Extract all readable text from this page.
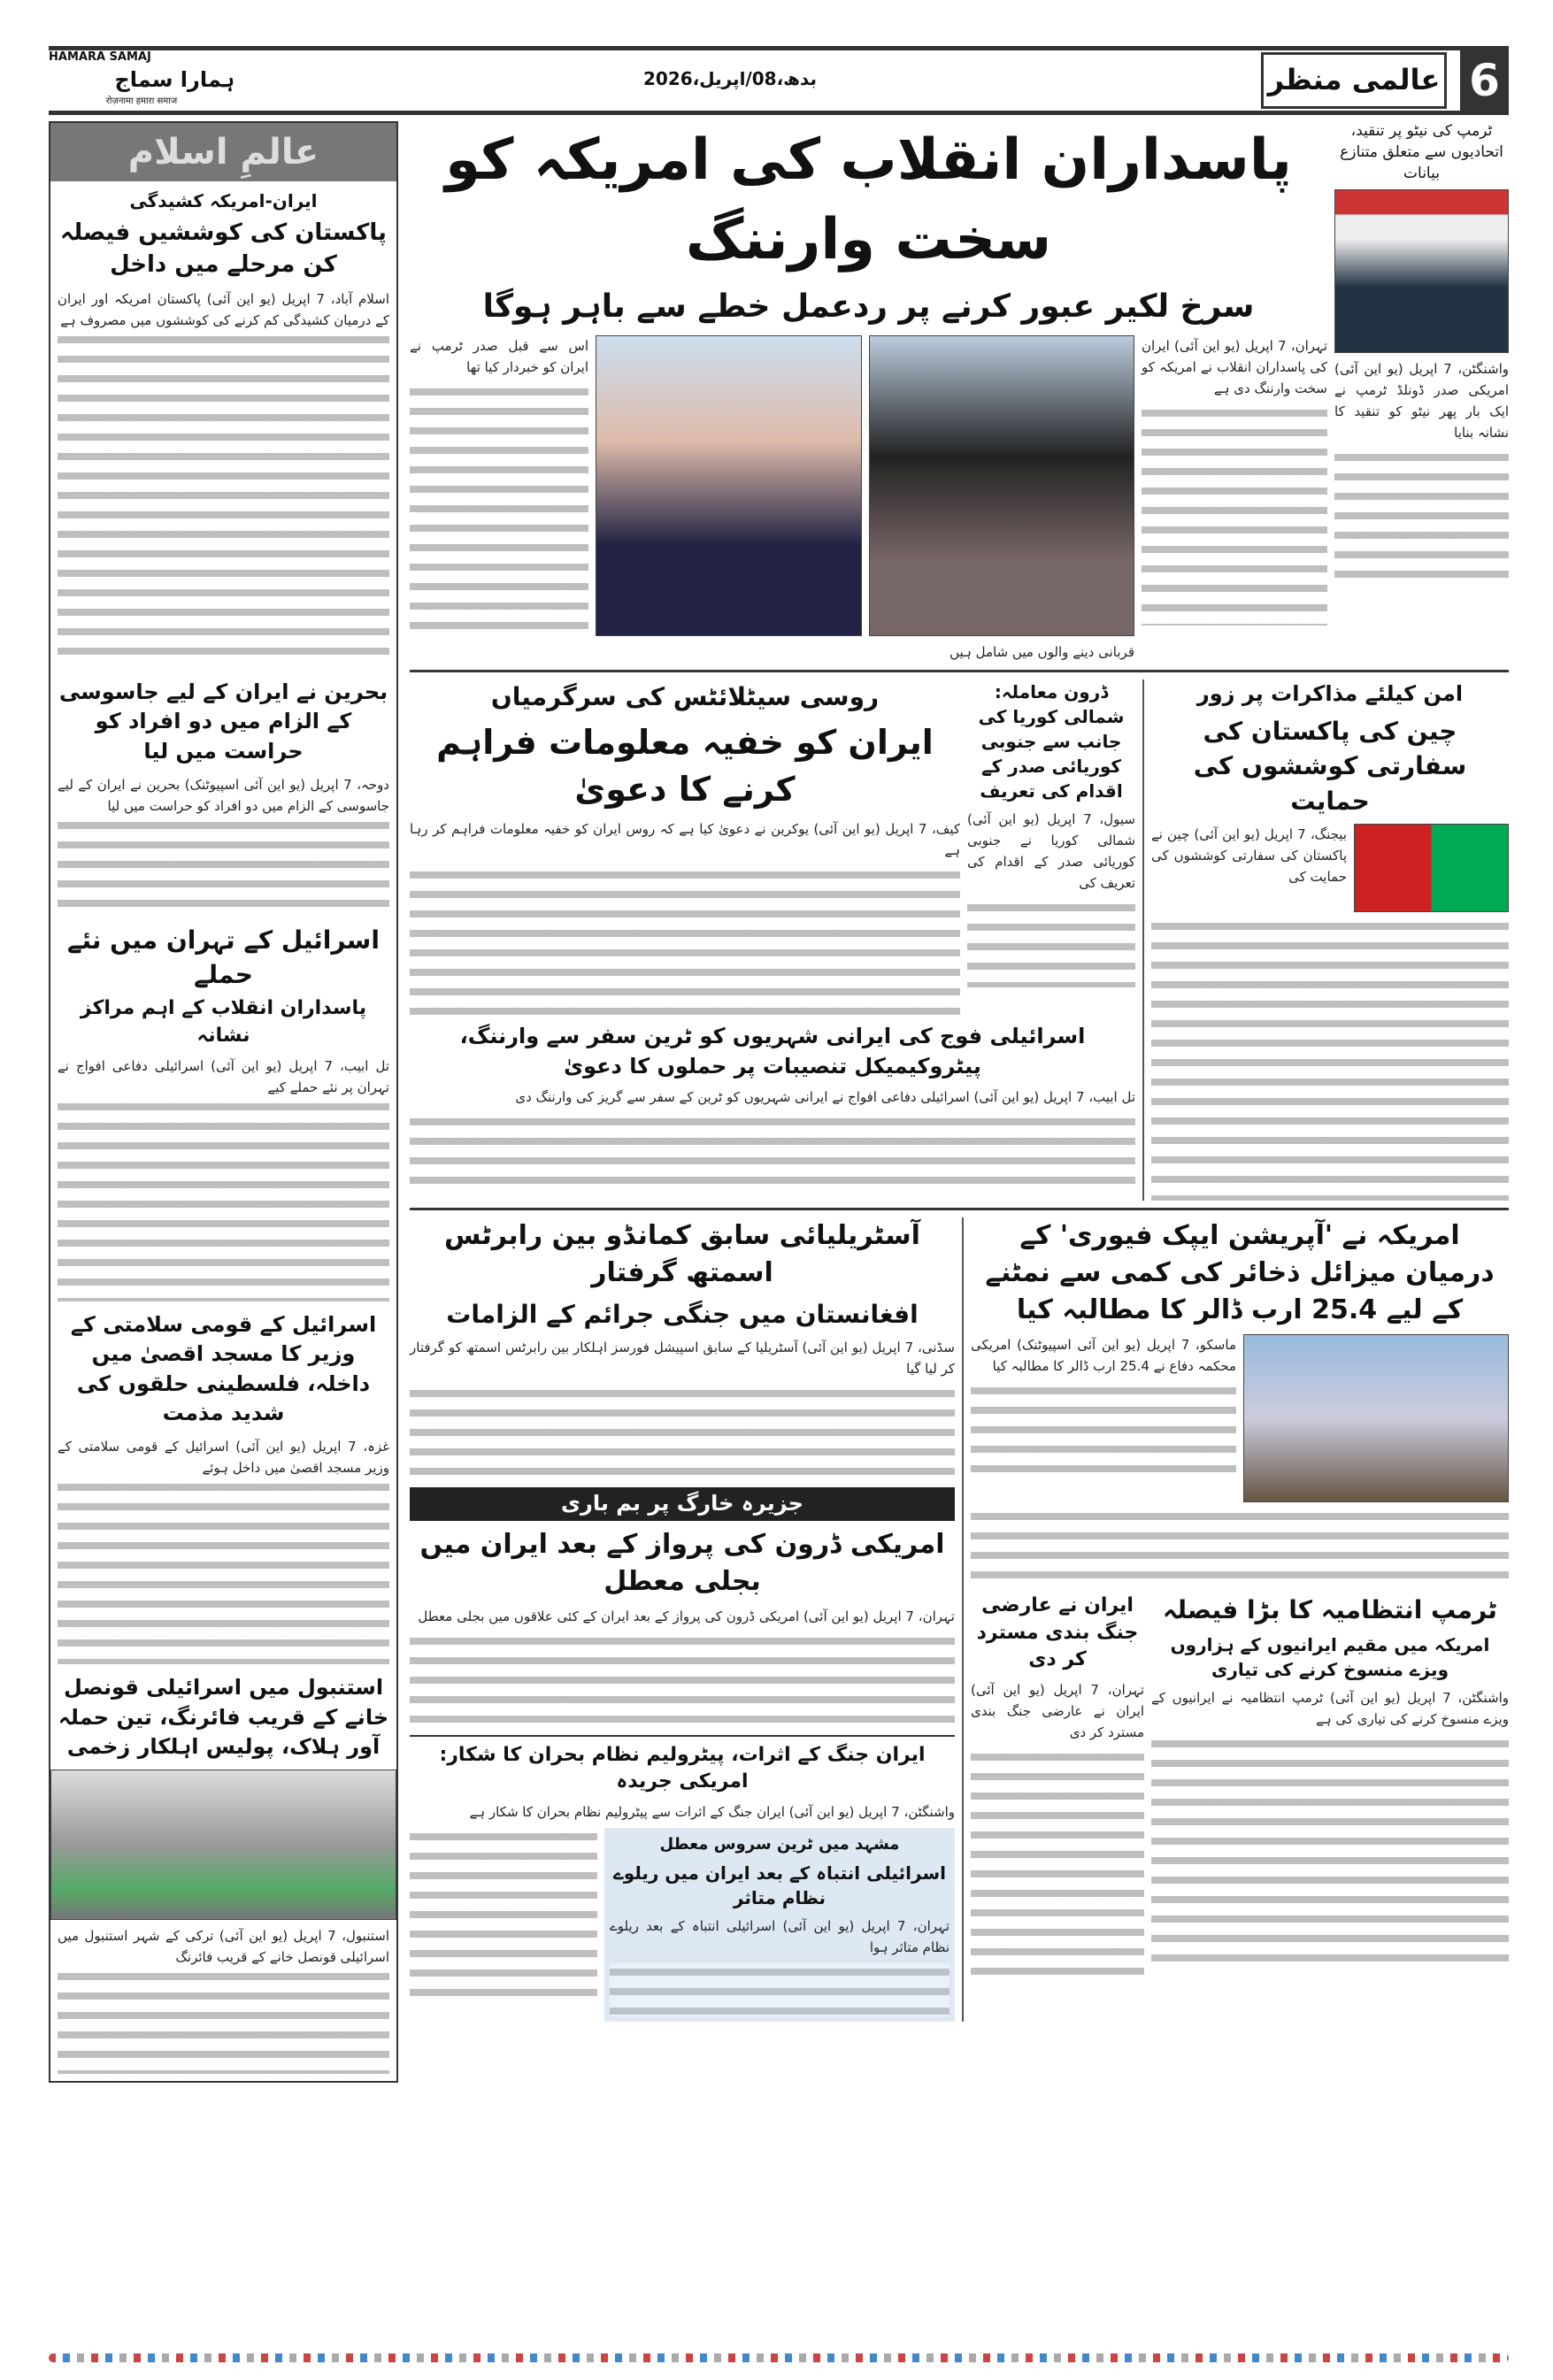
HAMARA SAMAJ
ہمارا سماج
रोज़नामा हमारा समाज
بدھ،08/اپریل،2026	عالمی منظر 6
عالمِ اسلام
ایران-امریکہ کشیدگی
پاکستان کی کوششیں فیصلہ کن مرحلے میں داخل
اسلام آباد، 7 اپریل (یو این آئی) پاکستان امریکہ اور ایران کے درمیان کشیدگی کم کرنے کی کوششوں میں مصروف ہے
بحرین نے ایران کے لیے جاسوسی کے الزام میں دو افراد کو حراست میں لیا
دوحہ، 7 اپریل (یو این آئی اسپیوٹنک) بحرین نے ایران کے لیے جاسوسی کے الزام میں دو افراد کو حراست میں لیا
اسرائیل کے تہران میں نئے حملے
پاسداران انقلاب کے اہم مراکز نشانہ
تل ابیب، 7 اپریل (یو این آئی) اسرائیلی دفاعی افواج نے تہران پر نئے حملے کیے
اسرائیل کے قومی سلامتی کے وزیر کا مسجد اقصیٰ میں داخلہ، فلسطینی حلقوں کی شدید مذمت
غزہ، 7 اپریل (یو این آئی) اسرائیل کے قومی سلامتی کے وزیر مسجد اقصیٰ میں داخل ہوئے
استنبول میں اسرائیلی قونصل خانے کے قریب فائرنگ، تین حملہ آور ہلاک، پولیس اہلکار زخمی
استنبول، 7 اپریل (یو این آئی) ترکی کے شہر استنبول میں اسرائیلی قونصل خانے کے قریب فائرنگ
ٹرمپ کی نیٹو پر تنقید، اتحادیوں سے متعلق متنازع بیانات
واشنگٹن، 7 اپریل (یو این آئی) امریکی صدر ڈونلڈ ٹرمپ نے ایک بار پھر نیٹو کو تنقید کا نشانہ بنایا
پاسداران انقلاب کی امریکہ کو سخت وارننگ
سرخ لکیر عبور کرنے پر ردعمل خطے سے باہر ہوگا
تہران، 7 اپریل (یو این آئی) ایران کی پاسداران انقلاب نے امریکہ کو سخت وارننگ دی ہے
قربانی دینے والوں میں شامل ہیں
اس سے قبل صدر ٹرمپ نے ایران کو خبردار کیا تھا
امن کیلئے مذاکرات پر زور
چین کی پاکستان کی سفارتی کوششوں کی حمایت
بیجنگ، 7 اپریل (یو این آئی) چین نے پاکستان کی سفارتی کوششوں کی حمایت کی
ڈرون معاملہ: شمالی کوریا کی جانب سے جنوبی کوریائی صدر کے اقدام کی تعریف
سیول، 7 اپریل (یو این آئی) شمالی کوریا نے جنوبی کوریائی صدر کے اقدام کی تعریف کی
روسی سیٹلائٹس کی سرگرمیاں
ایران کو خفیہ معلومات فراہم کرنے کا دعویٰ
کیف، 7 اپریل (یو این آئی) یوکرین نے دعویٰ کیا ہے کہ روس ایران کو خفیہ معلومات فراہم کر رہا ہے
اسرائیلی فوج کی ایرانی شہریوں کو ٹرین سفر سے وارننگ، پیٹروکیمیکل تنصیبات پر حملوں کا دعویٰ
تل ابیب، 7 اپریل (یو این آئی) اسرائیلی دفاعی افواج نے ایرانی شہریوں کو ٹرین کے سفر سے گریز کی وارننگ دی
امریکہ نے 'آپریشن ایپک فیوری' کے درمیان میزائل ذخائر کی کمی سے نمٹنے کے لیے 25.4 ارب ڈالر کا مطالبہ کیا
ماسکو، 7 اپریل (یو این آئی اسپیوٹنک) امریکی محکمہ دفاع نے 25.4 ارب ڈالر کا مطالبہ کیا
ٹرمپ انتظامیہ کا بڑا فیصلہ
امریکہ میں مقیم ایرانیوں کے ہزاروں ویزے منسوخ کرنے کی تیاری
واشنگٹن، 7 اپریل (یو این آئی) ٹرمپ انتظامیہ نے ایرانیوں کے ویزے منسوخ کرنے کی تیاری کی ہے
ایران نے عارضی جنگ بندی مسترد کر دی
تہران، 7 اپریل (یو این آئی) ایران نے عارضی جنگ بندی مسترد کر دی
آسٹریلیائی سابق کمانڈو بین رابرٹس اسمتھ گرفتار
افغانستان میں جنگی جرائم کے الزامات
سڈنی، 7 اپریل (یو این آئی) آسٹریلیا کے سابق اسپیشل فورسز اہلکار بین رابرٹس اسمتھ کو گرفتار کر لیا گیا
جزیرہ خارگ پر بم باری
امریکی ڈرون کی پرواز کے بعد ایران میں بجلی معطل
تہران، 7 اپریل (یو این آئی) امریکی ڈرون کی پرواز کے بعد ایران کے کئی علاقوں میں بجلی معطل
ایران جنگ کے اثرات، پیٹرولیم نظام بحران کا شکار: امریکی جریدہ
واشنگٹن، 7 اپریل (یو این آئی) ایران جنگ کے اثرات سے پیٹرولیم نظام بحران کا شکار ہے
مشہد میں ٹرین سروس معطل
اسرائیلی انتباہ کے بعد ایران میں ریلوے نظام متاثر
تہران، 7 اپریل (یو این آئی) اسرائیلی انتباہ کے بعد ریلوے نظام متاثر ہوا
